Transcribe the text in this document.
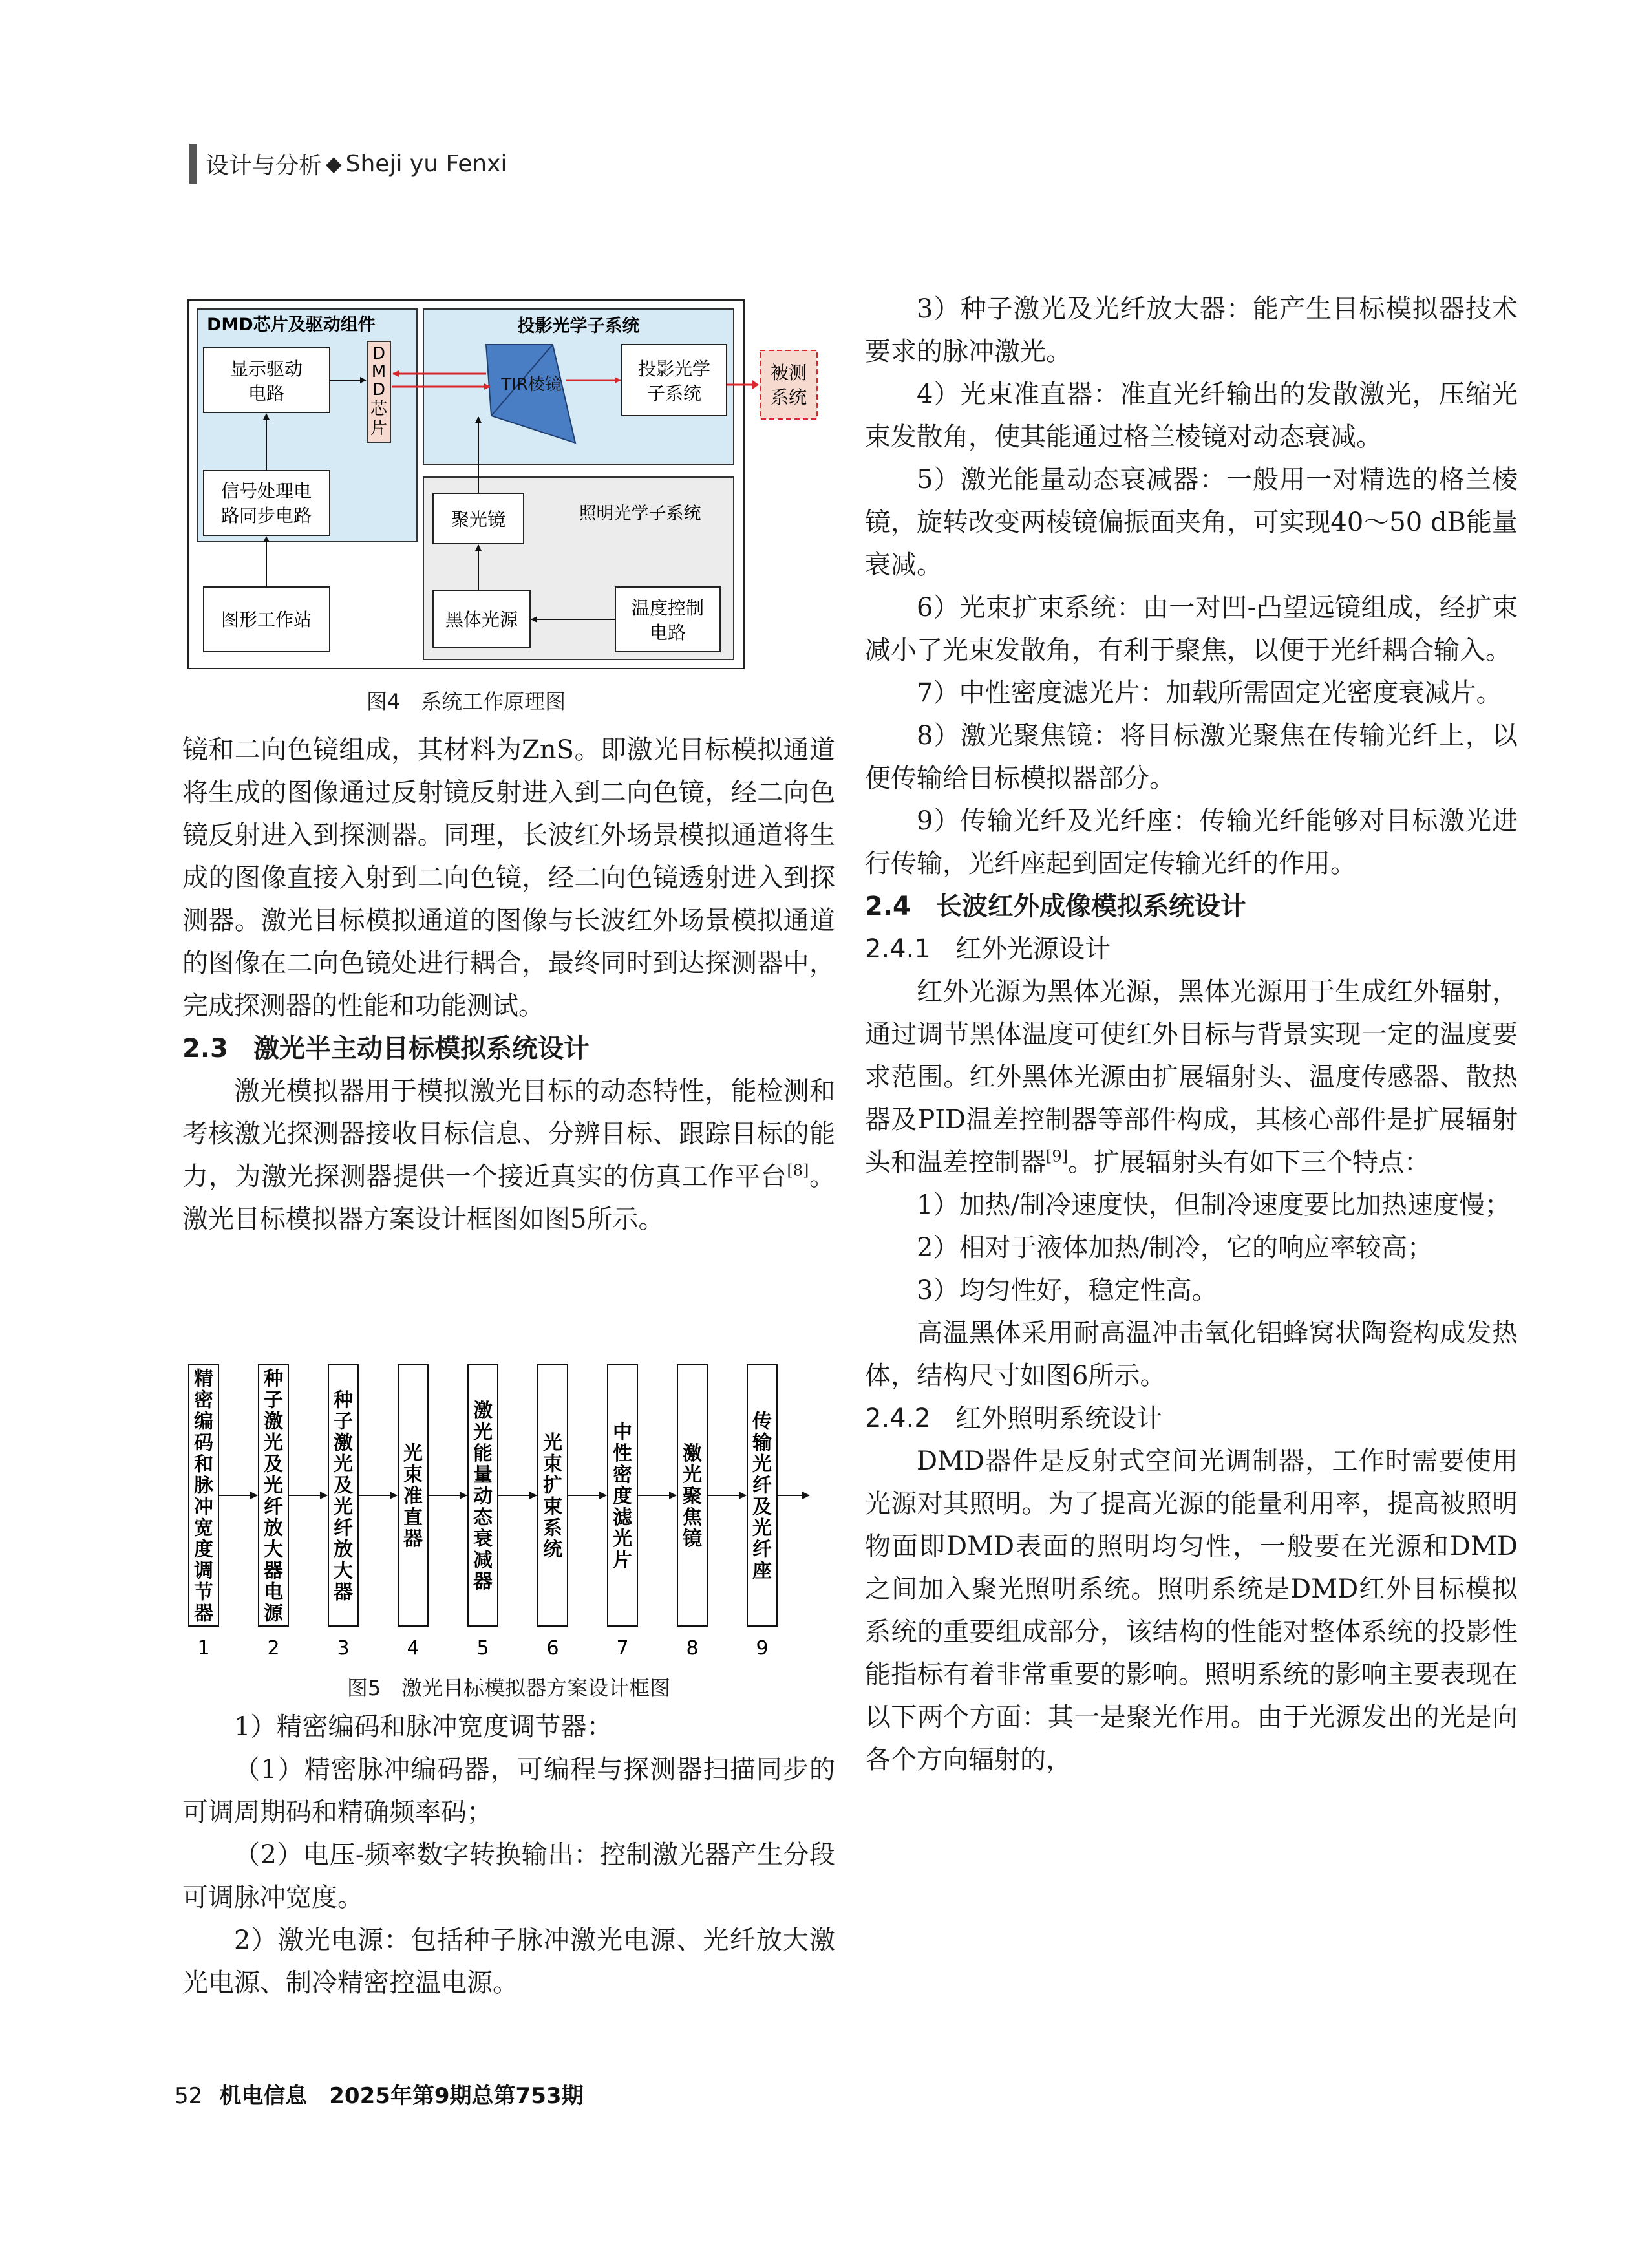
设计与分析 ◆ Sheji yu Fenxi
DMD芯片及驱动组件
显示驱动
电路
信号处理电
路同步电路
D
M
D
芯
片
投影光学子系统
TIR棱镜
投影光学
子系统
照明光学子系统
聚光镜
黑体光源
温度控制
电路
图形工作站
被测
系统
图4　系统工作原理图

镜和二向色镜组成，其材料为ZnS。即激光目标模拟通道将生成的图像通过反射镜反射进入到二向色镜，经二向色镜反射进入到探测器。同理，长波红外场景模拟通道将生成的图像直接入射到二向色镜，经二向色镜透射进入到探测器。激光目标模拟通道的图像与长波红外场景模拟通道的图像在二向色镜处进行耦合，最终同时到达探测器中，完成探测器的性能和功能测试。

2.3 激光半主动目标模拟系统设计

激光模拟器用于模拟激光目标的动态特性，能检测和考核激光探测器接收目标信息、分辨目标、跟踪目标的能力，为激光探测器提供一个接近真实的仿真工作平台[8]。激光目标模拟器方案设计框图如图5所示。

精
密
编
码
和
脉
冲
宽
度
调
节
器
1
种
子
激
光
及
光
纤
放
大
器
电
源
2
种
子
激
光
及
光
纤
放
大
器
3
光
束
准
直
器
4
激
光
能
量
动
态
衰
减
器
5
光
束
扩
束
系
统
6
中
性
密
度
滤
光
片
7
激
光
聚
焦
镜
8
传
输
光
纤
及
光
纤
座
9
图5　激光目标模拟器方案设计框图

1）精密编码和脉冲宽度调节器：

（1）精密脉冲编码器，可编程与探测器扫描同步的可调周期码和精确频率码；

（2）电压-频率数字转换输出：控制激光器产生分段可调脉冲宽度。

2）激光电源：包括种子脉冲激光电源、光纤放大激光电源、制冷精密控温电源。

3）种子激光及光纤放大器：能产生目标模拟器技术要求的脉冲激光。

4）光束准直器：准直光纤输出的发散激光，压缩光束发散角，使其能通过格兰棱镜对动态衰减。

5）激光能量动态衰减器：一般用一对精选的格兰棱镜，旋转改变两棱镜偏振面夹角，可实现40～50 dB能量衰减。

6）光束扩束系统：由一对凹-凸望远镜组成，经扩束减小了光束发散角，有利于聚焦，以便于光纤耦合输入。

7）中性密度滤光片：加载所需固定光密度衰减片。

8）激光聚焦镜：将目标激光聚焦在传输光纤上，以便传输给目标模拟器部分。

9）传输光纤及光纤座：传输光纤能够对目标激光进行传输，光纤座起到固定传输光纤的作用。

2.4 长波红外成像模拟系统设计
2.4.1 红外光源设计

红外光源为黑体光源，黑体光源用于生成红外辐射，通过调节黑体温度可使红外目标与背景实现一定的温度要求范围。红外黑体光源由扩展辐射头、温度传感器、散热器及PID温差控制器等部件构成，其核心部件是扩展辐射头和温差控制器[9]。扩展辐射头有如下三个特点：

1）加热/制冷速度快，但制冷速度要比加热速度慢；

2）相对于液体加热/制冷，它的响应率较高；

3）均匀性好，稳定性高。

高温黑体采用耐高温冲击氧化铝蜂窝状陶瓷构成发热体，结构尺寸如图6所示。

2.4.2 红外照明系统设计

DMD器件是反射式空间光调制器，工作时需要使用光源对其照明。为了提高光源的能量利用率，提高被照明物面即DMD表面的照明均匀性，一般要在光源和DMD之间加入聚光照明系统。照明系统是DMD红外目标模拟系统的重要组成部分，该结构的性能对整体系统的投影性能指标有着非常重要的影响。照明系统的影响主要表现在以下两个方面：其一是聚光作用。由于光源发出的光是向各个方向辐射的，

52 机电信息　2025年第9期总第753期
